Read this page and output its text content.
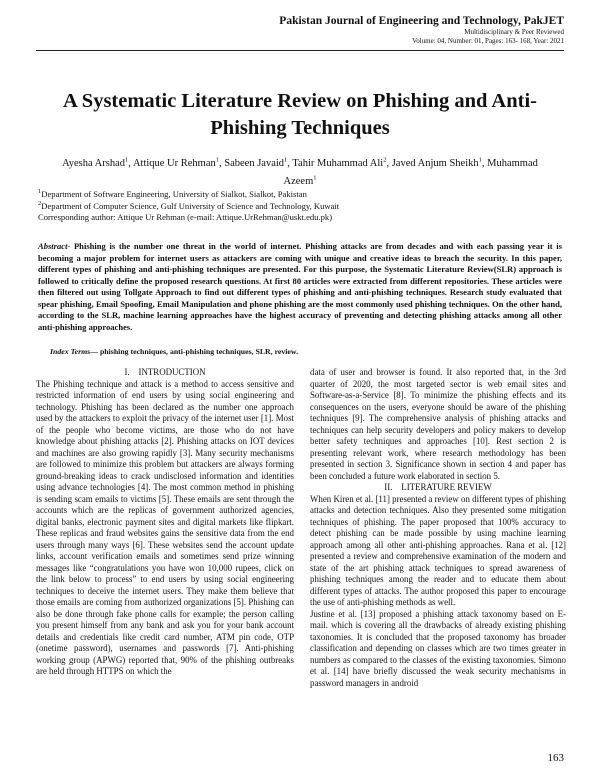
Pakistan Journal of Engineering and Technology, PakJET
Multidisciplinary & Peer Reviewed
Volume: 04, Number: 01, Pages: 163- 168, Year: 2021
A Systematic Literature Review on Phishing and Anti-Phishing Techniques
Ayesha Arshad$^1$, Attique Ur Rehman$^1$, Sabeen Javaid$^1$, Tahir Muhammad Ali$^2$, Javed Anjum Sheikh$^1$, Muhammad Azeem$^1$
$^1$Department of Software Engineering, University of Sialkot, Sialkot, Pakistan
$^2$Department of Computer Science, Gulf University of Science and Technology, Kuwait
Corresponding author: Attique Ur Rehman (e-mail: Attique.UrRehman@uskt.edu.pk)
Abstract- Phishing is the number one threat in the world of internet. Phishing attacks are from decades and with each passing year it is becoming a major problem for internet users as attackers are coming with unique and creative ideas to breach the security. In this paper, different types of phishing and anti-phishing techniques are presented. For this purpose, the Systematic Literature Review(SLR) approach is followed to critically define the proposed research questions. At first 80 articles were extracted from different repositories. These articles were then filtered out using Tollgate Approach to find out different types of phishing and anti-phishing techniques. Research study evaluated that spear phishing, Email Spoofing, Email Manipulation and phone phishing are the most commonly used phishing techniques. On the other hand, according to the SLR, machine learning approaches have the highest accuracy of preventing and detecting phishing attacks among all other anti-phishing approaches.
Index Terms— phishing techniques, anti-phishing techniques, SLR, review.

I.    INTRODUCTION

The Phishing technique and attack is a method to access sensitive and restricted information of end users by using social engineering and technology. Phishing has been declared as the number one approach used by the attackers to exploit the privacy of the internet user [1]. Most of the people who become victims, are those who do not have knowledge about phishing attacks [2]. Phishing attacks on IOT devices and machines are also growing rapidly [3]. Many security mechanisms are followed to minimize this problem but attackers are always forming ground-breaking ideas to crack undisclosed information and identities using advance technologies [4]. The most common method in phishing is sending scam emails to victims [5]. These emails are sent through the accounts which are the replicas of government authorized agencies, digital banks, electronic payment sites and digital markets like flipkart. These replicas and fraud websites gains the sensitive data from the end users through many ways [6]. These websites send the account update links, account verification emails and sometimes send prize winning messages like “congratulations you have won 10,000 rupees, click on the link below to process” to end users by using social engineering techniques to deceive the internet users. They make them believe that those emails are coming from authorized organizations [5]. Phishing can also be done through fake phone calls for example; the person calling you present himself from any bank and ask you for your bank account details and credentials like credit card number, ATM pin code, OTP (onetime password), usernames and passwords [7]. Anti-phishing working group (APWG) reported that, 90% of the phishing outbreaks are held through HTTPS on which the

data of user and browser is found. It also reported that, in the 3rd quarter of 2020, the most targeted sector is web email sites and Software-as-a-Service [8]. To minimize the phishing effects and its consequences on the users, everyone should be aware of the phishing techniques [9]. The comprehensive analysis of phishing attacks and techniques can help security developers and policy makers to develop better safety techniques and approaches [10]. Rest section 2 is presenting relevant work, where research methodology has been presented in section 3. Significance shown in section 4 and paper has been concluded a future work elaborated in section 5.

II.    LITERATURE REVIEW

When Kiren et al. [11] presented a review on different types of phishing attacks and detection techniques. Also they presented some mitigation techniques of phishing. The paper proposed that 100% accuracy to detect phishing can be made possible by using machine learning approach among all other anti-phishing approaches. Rana et al. [12] presented a review and comprehensive examination of the modern and state of the art phishing attack techniques to spread awareness of phishing techniques among the reader and to educate them about different types of attacks. The author proposed this paper to encourage the use of anti-phishing methods as well.

Justine et al. [13] proposed a phishing attack taxonomy based on E-mail. which is covering all the drawbacks of already existing phishing taxonomies. It is concluded that the proposed taxonomy has broader classification and depending on classes which are two times greater in numbers as compared to the classes of the existing taxonomies. Simono et al. [14] have briefly discussed the weak security mechanisms in password managers in android

163
